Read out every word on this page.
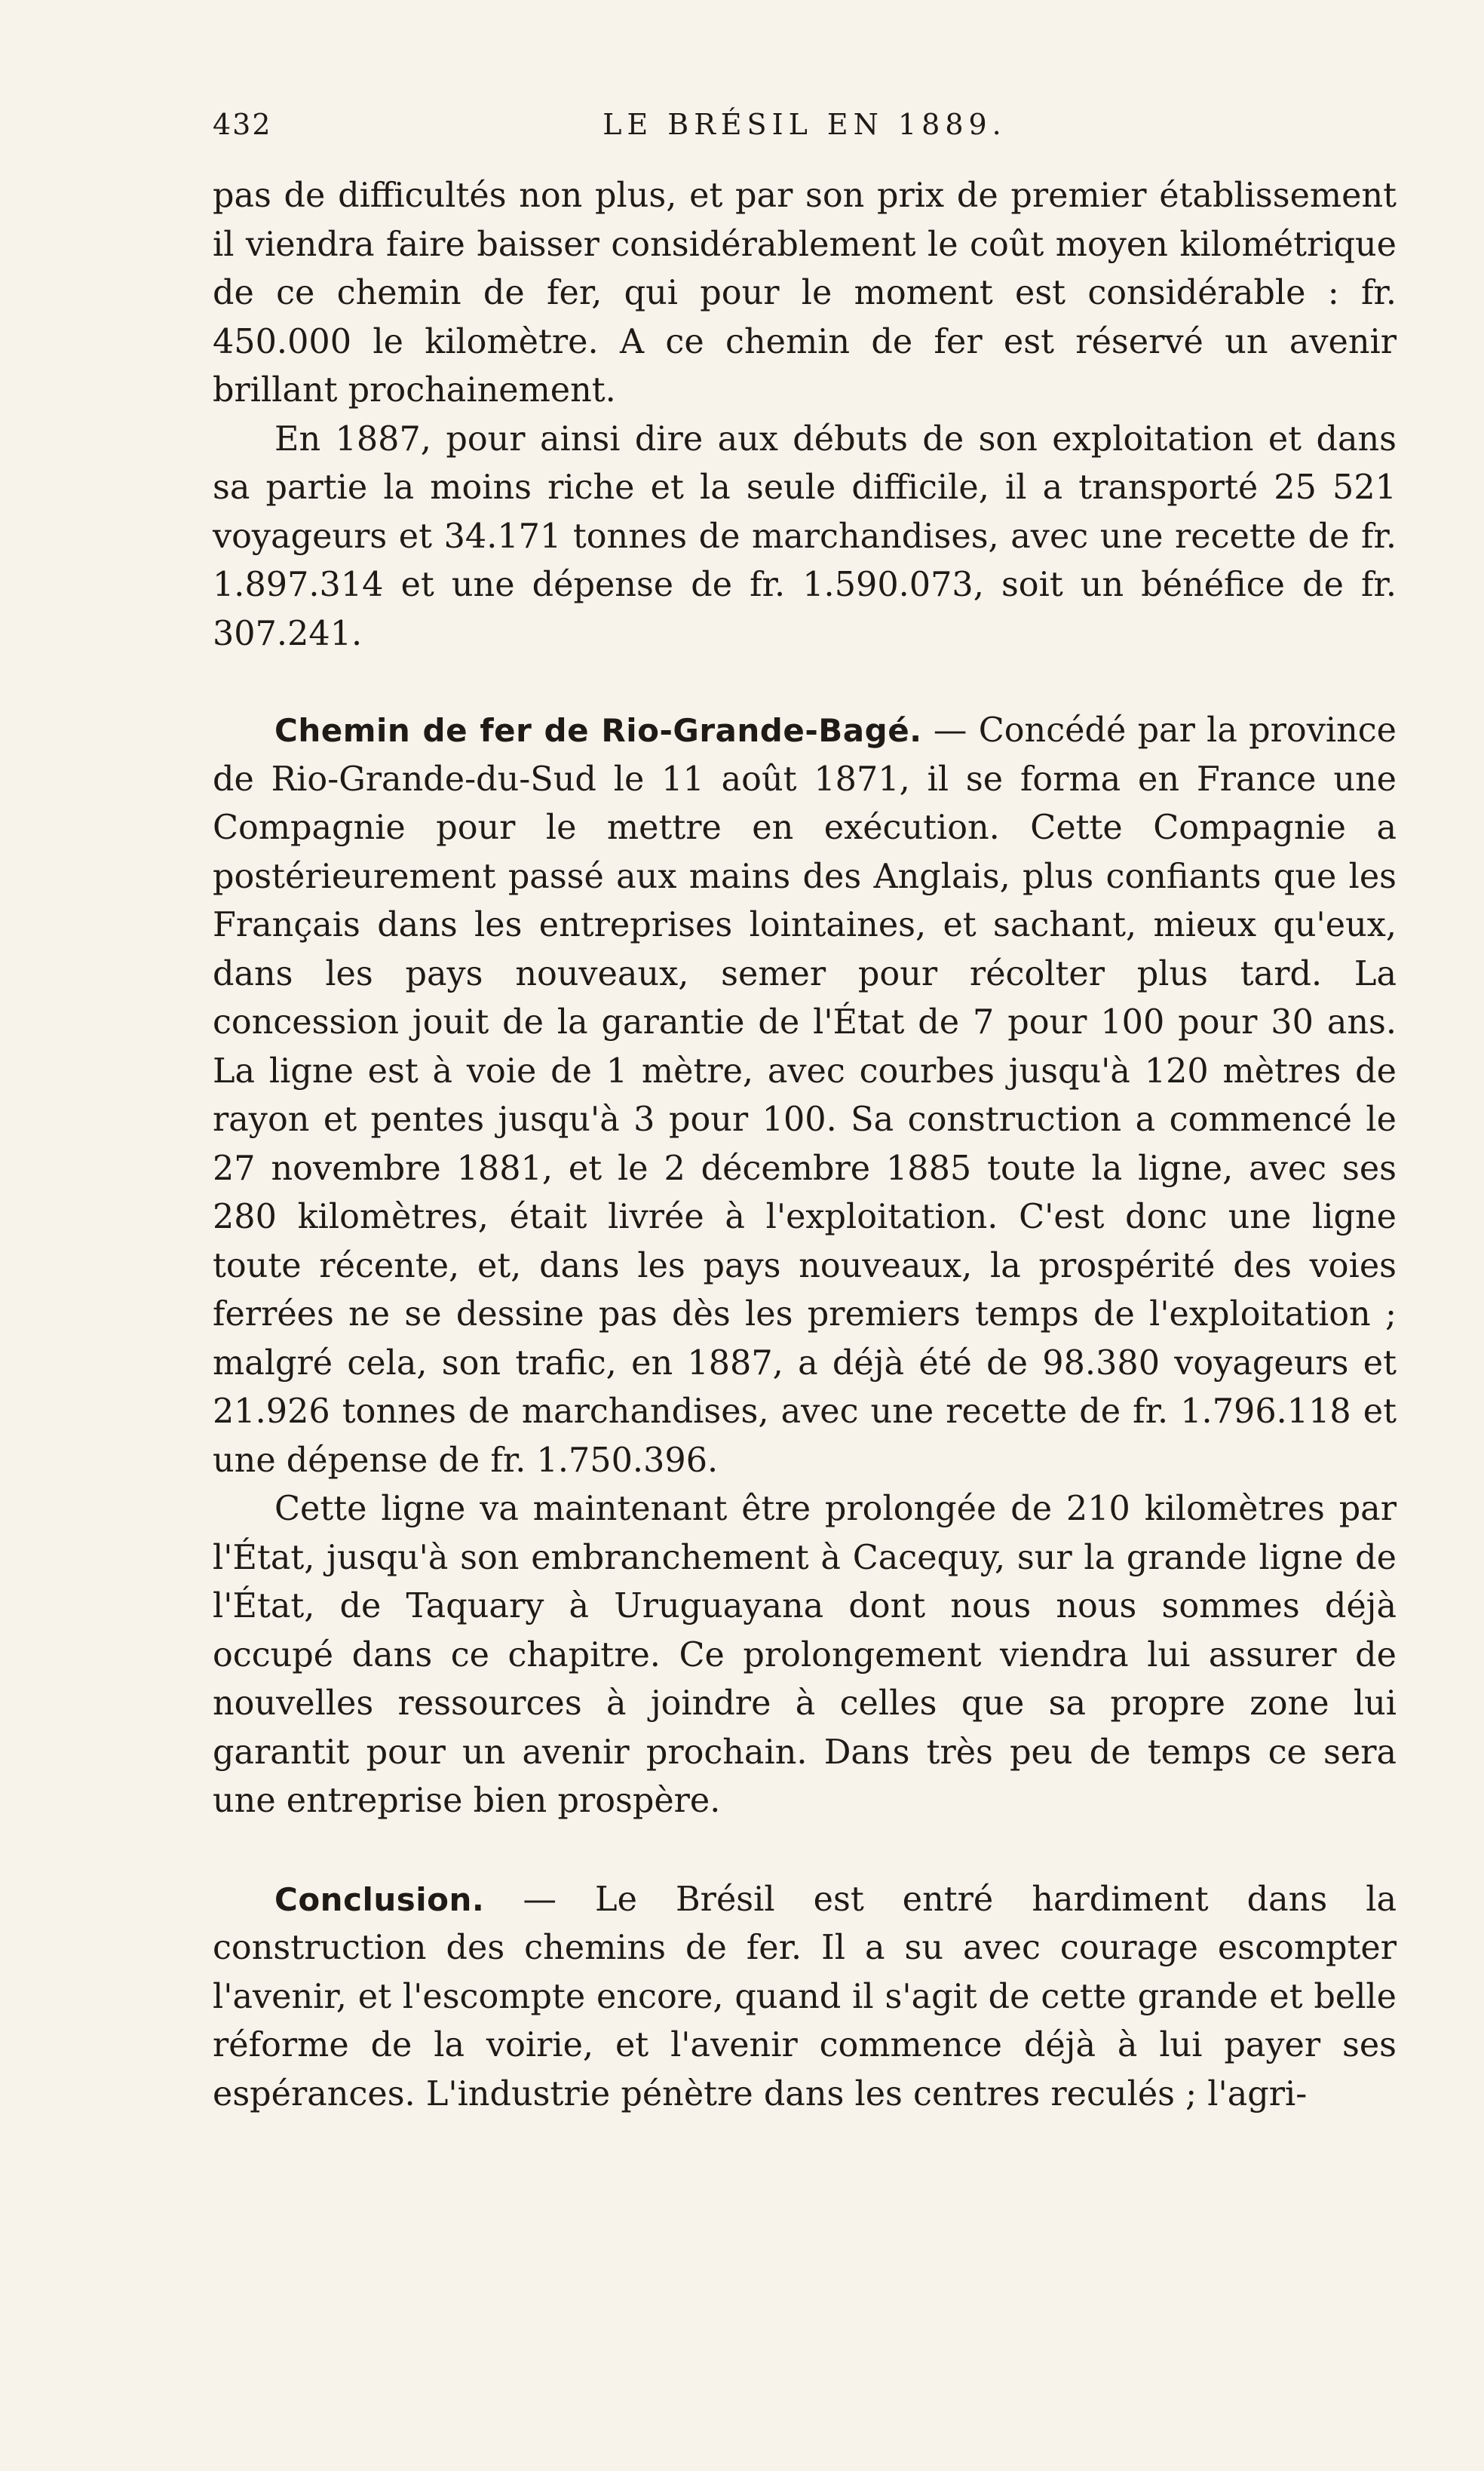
432	LE BRÉSIL EN 1889.

pas de difficultés non plus, et par son prix de premier établissement il viendra faire baisser considérablement le coût moyen kilométrique de ce chemin de fer, qui pour le moment est considérable : fr. 450.000 le kilomètre. A ce chemin de fer est réservé un avenir brillant prochainement.

En 1887, pour ainsi dire aux débuts de son exploitation et dans sa partie la moins riche et la seule difficile, il a transporté 25 521 voyageurs et 34.171 tonnes de marchandises, avec une recette de fr. 1.897.314 et une dépense de fr. 1.590.073, soit un bénéfice de fr. 307.241.

Chemin de fer de Rio-Grande-Bagé. — Concédé par la province de Rio-Grande-du-Sud le 11 août 1871, il se forma en France une Compagnie pour le mettre en exécution. Cette Compagnie a postérieurement passé aux mains des Anglais, plus confiants que les Français dans les entreprises lointaines, et sachant, mieux qu'eux, dans les pays nouveaux, semer pour récolter plus tard. La concession jouit de la garantie de l'État de 7 pour 100 pour 30 ans. La ligne est à voie de 1 mètre, avec courbes jusqu'à 120 mètres de rayon et pentes jusqu'à 3 pour 100. Sa construction a commencé le 27 novembre 1881, et le 2 décembre 1885 toute la ligne, avec ses 280 kilomètres, était livrée à l'exploitation. C'est donc une ligne toute récente, et, dans les pays nouveaux, la prospérité des voies ferrées ne se dessine pas dès les premiers temps de l'exploitation ; malgré cela, son trafic, en 1887, a déjà été de 98.380 voyageurs et 21.926 tonnes de marchandises, avec une recette de fr. 1.796.118 et une dépense de fr. 1.750.396.

Cette ligne va maintenant être prolongée de 210 kilomètres par l'État, jusqu'à son embranchement à Cacequy, sur la grande ligne de l'État, de Taquary à Uruguayana dont nous nous sommes déjà occupé dans ce chapitre. Ce prolongement viendra lui assurer de nouvelles ressources à joindre à celles que sa propre zone lui garantit pour un avenir prochain. Dans très peu de temps ce sera une entreprise bien prospère.

Conclusion. — Le Brésil est entré hardiment dans la construction des chemins de fer. Il a su avec courage escompter l'avenir, et l'escompte encore, quand il s'agit de cette grande et belle réforme de la voirie, et l'avenir commence déjà à lui payer ses espérances. L'industrie pénètre dans les centres reculés ; l'agri-
